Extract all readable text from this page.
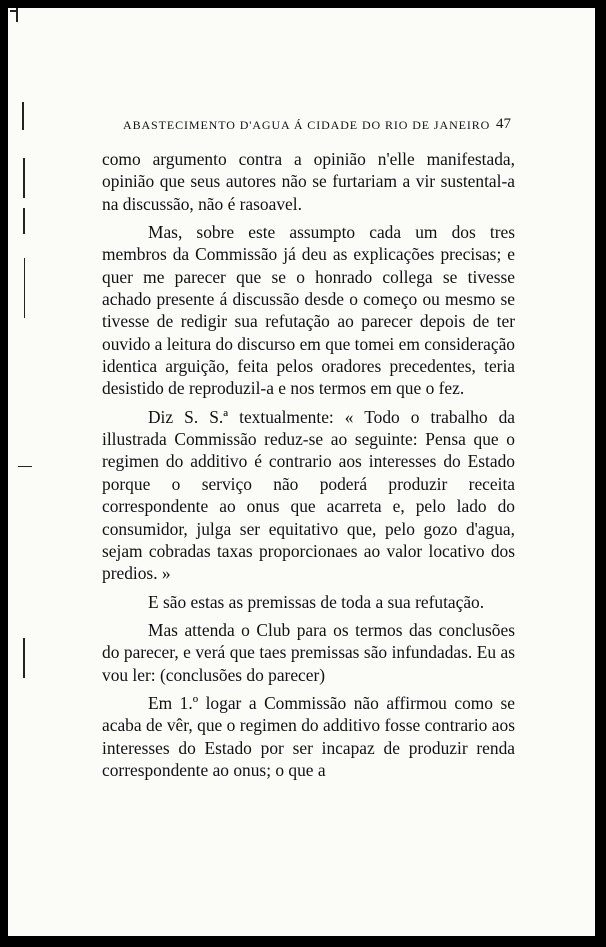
ABASTECIMENTO D'AGUA Á CIDADE DO RIO DE JANEIRO 47

como argumento contra a opinião n'elle manifestada, opinião que seus autores não se furtariam a vir sustental-a na discussão, não é rasoavel.

Mas, sobre este assumpto cada um dos tres membros da Commissão já deu as explicações precisas; e quer me parecer que se o honrado collega se tivesse achado presente á discussão desde o começo ou mesmo se tivesse de redigir sua refutação ao parecer depois de ter ouvido a leitura do discurso em que tomei em consideração identica arguição, feita pelos oradores precedentes, teria desistido de reproduzil-a e nos termos em que o fez.

Diz S. S.ª textualmente: « Todo o trabalho da illustrada Commissão reduz-se ao seguinte: Pensa que o regimen do additivo é contrario aos interesses do Estado porque o serviço não poderá produzir receita correspondente ao onus que acarreta e, pelo lado do consumidor, julga ser equitativo que, pelo gozo d'agua, sejam cobradas taxas proporcionaes ao valor locativo dos predios. »

E são estas as premissas de toda a sua refutação.

Mas attenda o Club para os termos das conclusões do parecer, e verá que taes premissas são infundadas. Eu as vou ler: (conclusões do parecer)

Em 1.º logar a Commissão não affirmou como se acaba de vêr, que o regimen do additivo fosse contrario aos interesses do Estado por ser incapaz de produzir renda correspondente ao onus; o que a
